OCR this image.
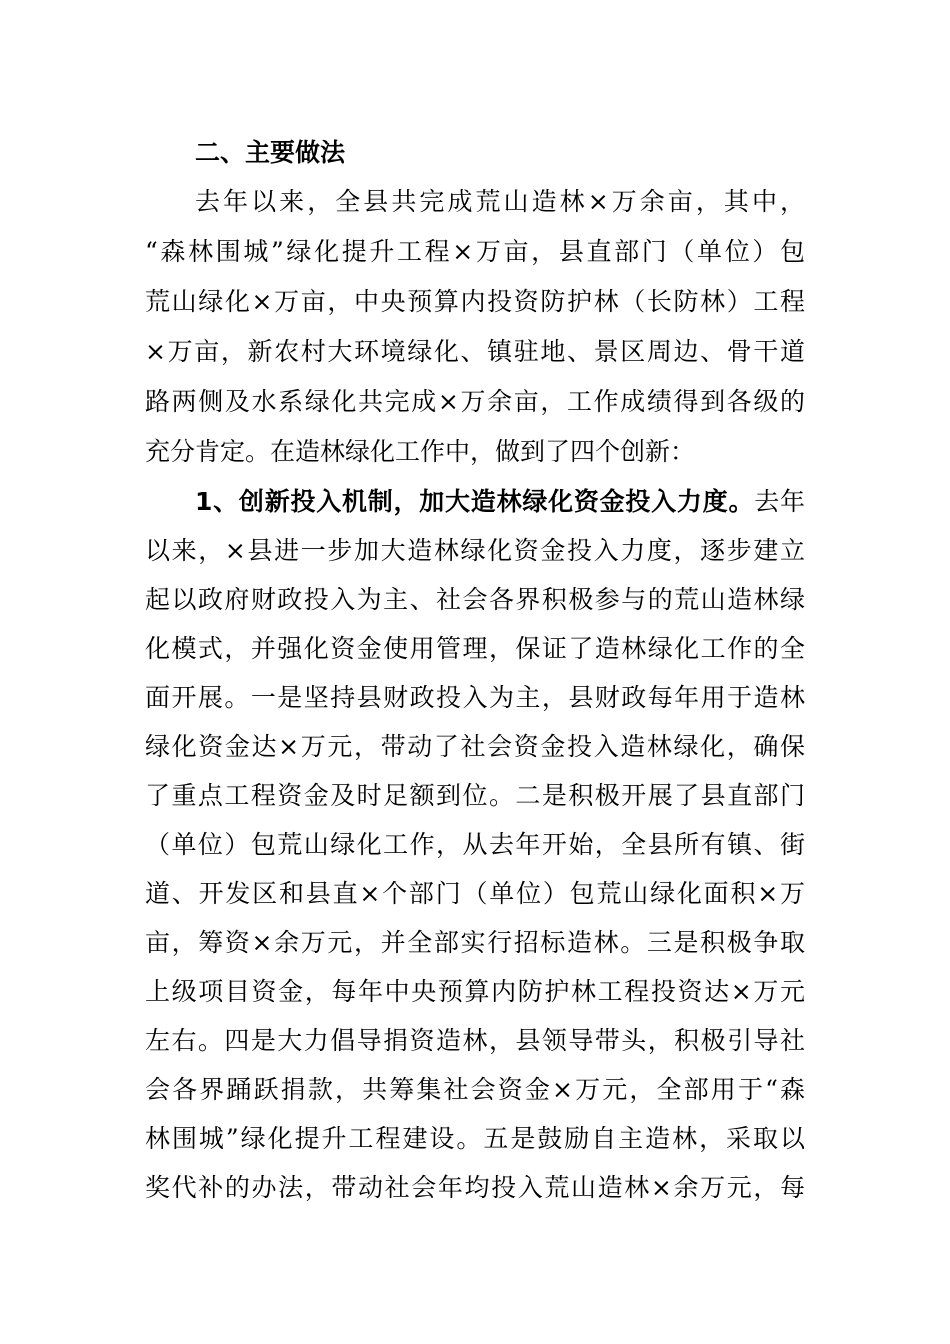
二、主要做法
去年以来，全县共完成荒山造林×万余亩，其中，
“森林围城”绿化提升工程×万亩，县直部门（单位）包
荒山绿化×万亩，中央预算内投资防护林（长防林）工程
×万亩，新农村大环境绿化、镇驻地、景区周边、骨干道
路两侧及水系绿化共完成×万余亩，工作成绩得到各级的
充分肯定。在造林绿化工作中，做到了四个创新：
1、创新投入机制，加大造林绿化资金投入力度。去年
以来，×县进一步加大造林绿化资金投入力度，逐步建立
起以政府财政投入为主、社会各界积极参与的荒山造林绿
化模式，并强化资金使用管理，保证了造林绿化工作的全
面开展。一是坚持县财政投入为主，县财政每年用于造林
绿化资金达×万元，带动了社会资金投入造林绿化，确保
了重点工程资金及时足额到位。二是积极开展了县直部门
（单位）包荒山绿化工作，从去年开始，全县所有镇、街
道、开发区和县直×个部门（单位）包荒山绿化面积×万
亩，筹资×余万元，并全部实行招标造林。三是积极争取
上级项目资金，每年中央预算内防护林工程投资达×万元
左右。四是大力倡导捐资造林，县领导带头，积极引导社
会各界踊跃捐款，共筹集社会资金×万元，全部用于“森
林围城”绿化提升工程建设。五是鼓励自主造林，采取以
奖代补的办法，带动社会年均投入荒山造林×余万元，每
